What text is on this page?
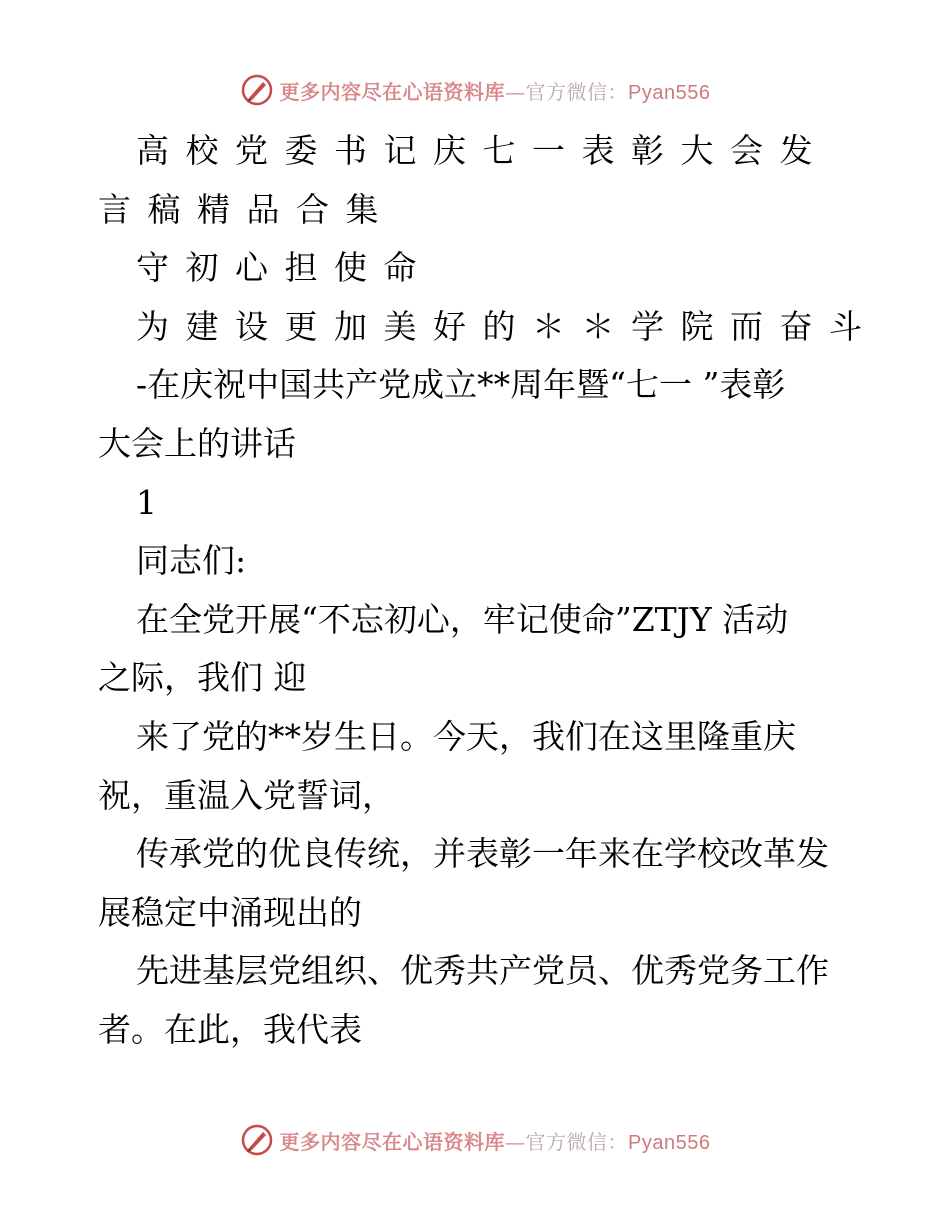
更多内容尽在心语资料库—官方微信：Pyan556
高校党委书记庆七一表彰大会发
言稿精品合集
守初心担使命
为建设更加美好的＊＊学院而奋斗
-在庆祝中国共产党成立**周年暨“七一 ”表彰
大会上的讲话
1
同志们:
在全党开展“不忘初心，牢记使命”ZTJY 活动
之际，我们 迎
来了党的**岁生日。今天，我们在这里隆重庆
祝，重温入党誓词，
传承党的优良传统，并表彰一年来在学校改革发
展稳定中涌现出的
先进基层党组织、优秀共产党员、优秀党务工作
者。在此，我代表
更多内容尽在心语资料库—官方微信：Pyan556
